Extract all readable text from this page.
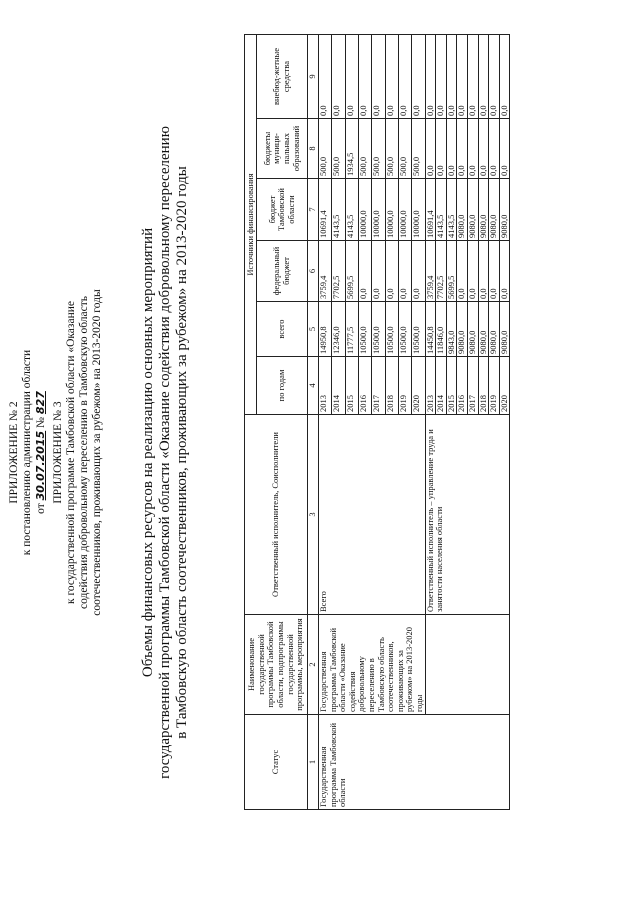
ПРИЛОЖЕНИЕ № 2 к постановлению администрации области от 30.07.2015 № 827 ПРИЛОЖЕНИЕ № 3 к государственной программе Тамбовской области «Оказание содействия добровольному переселению в Тамбовскую область соотечественников, проживающих за рубежом» на 2013-2020 годы Объемы финансовых ресурсов на реализацию основных мероприятий государственной программы Тамбовской области «Оказание содействия добровольному переселению в Тамбовскую область соотечественников, проживающих за рубежом» на 2013-2020 годы
Статус	Наименование государственной программы Тамбовской области, подпрограммы государственной программы, мероприятия	Ответственный исполнитель, Соисполнители	Источники финансирования					
			по годам	всего	федеральный бюджет	бюджет Тамбовской области	бюджеты муници-пальных образований	внебюд-жетные средства
1	2	3	4	5	6	7	8	9
Государственная программа Тамбовской области	Государственная программа Тамбовской области «Оказание содействия добровольному переселению в Тамбовскую область соотечественников, проживающих за рубежом» на 2013-2020 годы	Всего	2013	14950,8	3759,4	10691,4	500,0	0,0
			2014	12346,0	7702,5	4143,5	500,0	0,0
			2015	11777,5	5699,5	4143,5	1934,5	0,0
			2016	10500,0	0,0	10000,0	500,0	0,0
			2017	10500,0	0,0	10000,0	500,0	0,0
			2018	10500,0	0,0	10000,0	500,0	0,0
			2019	10500,0	0,0	10000,0	500,0	0,0
			2020	10500,0	0,0	10000,0	500,0	0,0
		Ответственный исполнитель – управление труда и занятости населения области	2013	14450,8	3759,4	10691,4	0,0	0,0
			2014	11846,0	7702,5	4143,5	0,0	0,0
			2015	9843,0	5699,5	4143,5	0,0	0,0
			2016	9080,0	0,0	9080,0	0,0	0,0
			2017	9080,0	0,0	9080,0	0,0	0,0
			2018	9080,0	0,0	9080,0	0,0	0,0
			2019	9080,0	0,0	9080,0	0,0	0,0
			2020	9080,0	0,0	9080,0	0,0	0,0
